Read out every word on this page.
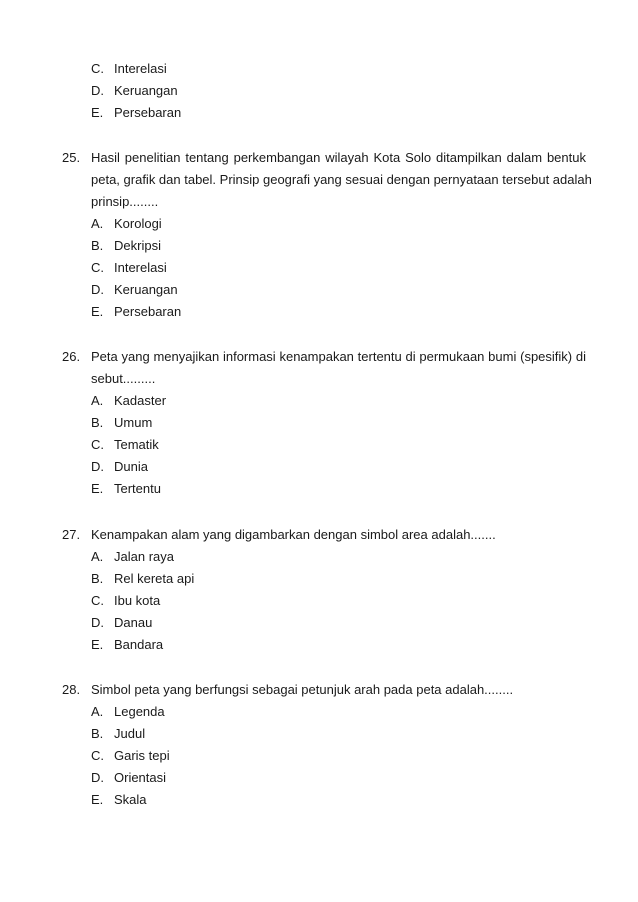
C. Interelasi
D. Keruangan
E. Persebaran
25. Hasil penelitian tentang perkembangan wilayah Kota Solo ditampilkan dalam bentuk
peta, grafik dan tabel. Prinsip geografi yang sesuai dengan pernyataan tersebut adalah
prinsip........
A. Korologi
B. Dekripsi
C. Interelasi
D. Keruangan
E. Persebaran
26. Peta yang menyajikan informasi kenampakan tertentu di permukaan bumi (spesifik) di
sebut.........
A. Kadaster
B. Umum
C. Tematik
D. Dunia
E. Tertentu
27. Kenampakan alam yang digambarkan dengan simbol area adalah.......
A. Jalan raya
B. Rel kereta api
C. Ibu kota
D. Danau
E. Bandara
28. Simbol peta yang berfungsi sebagai petunjuk arah pada peta adalah........
A. Legenda
B. Judul
C. Garis tepi
D. Orientasi
E. Skala
